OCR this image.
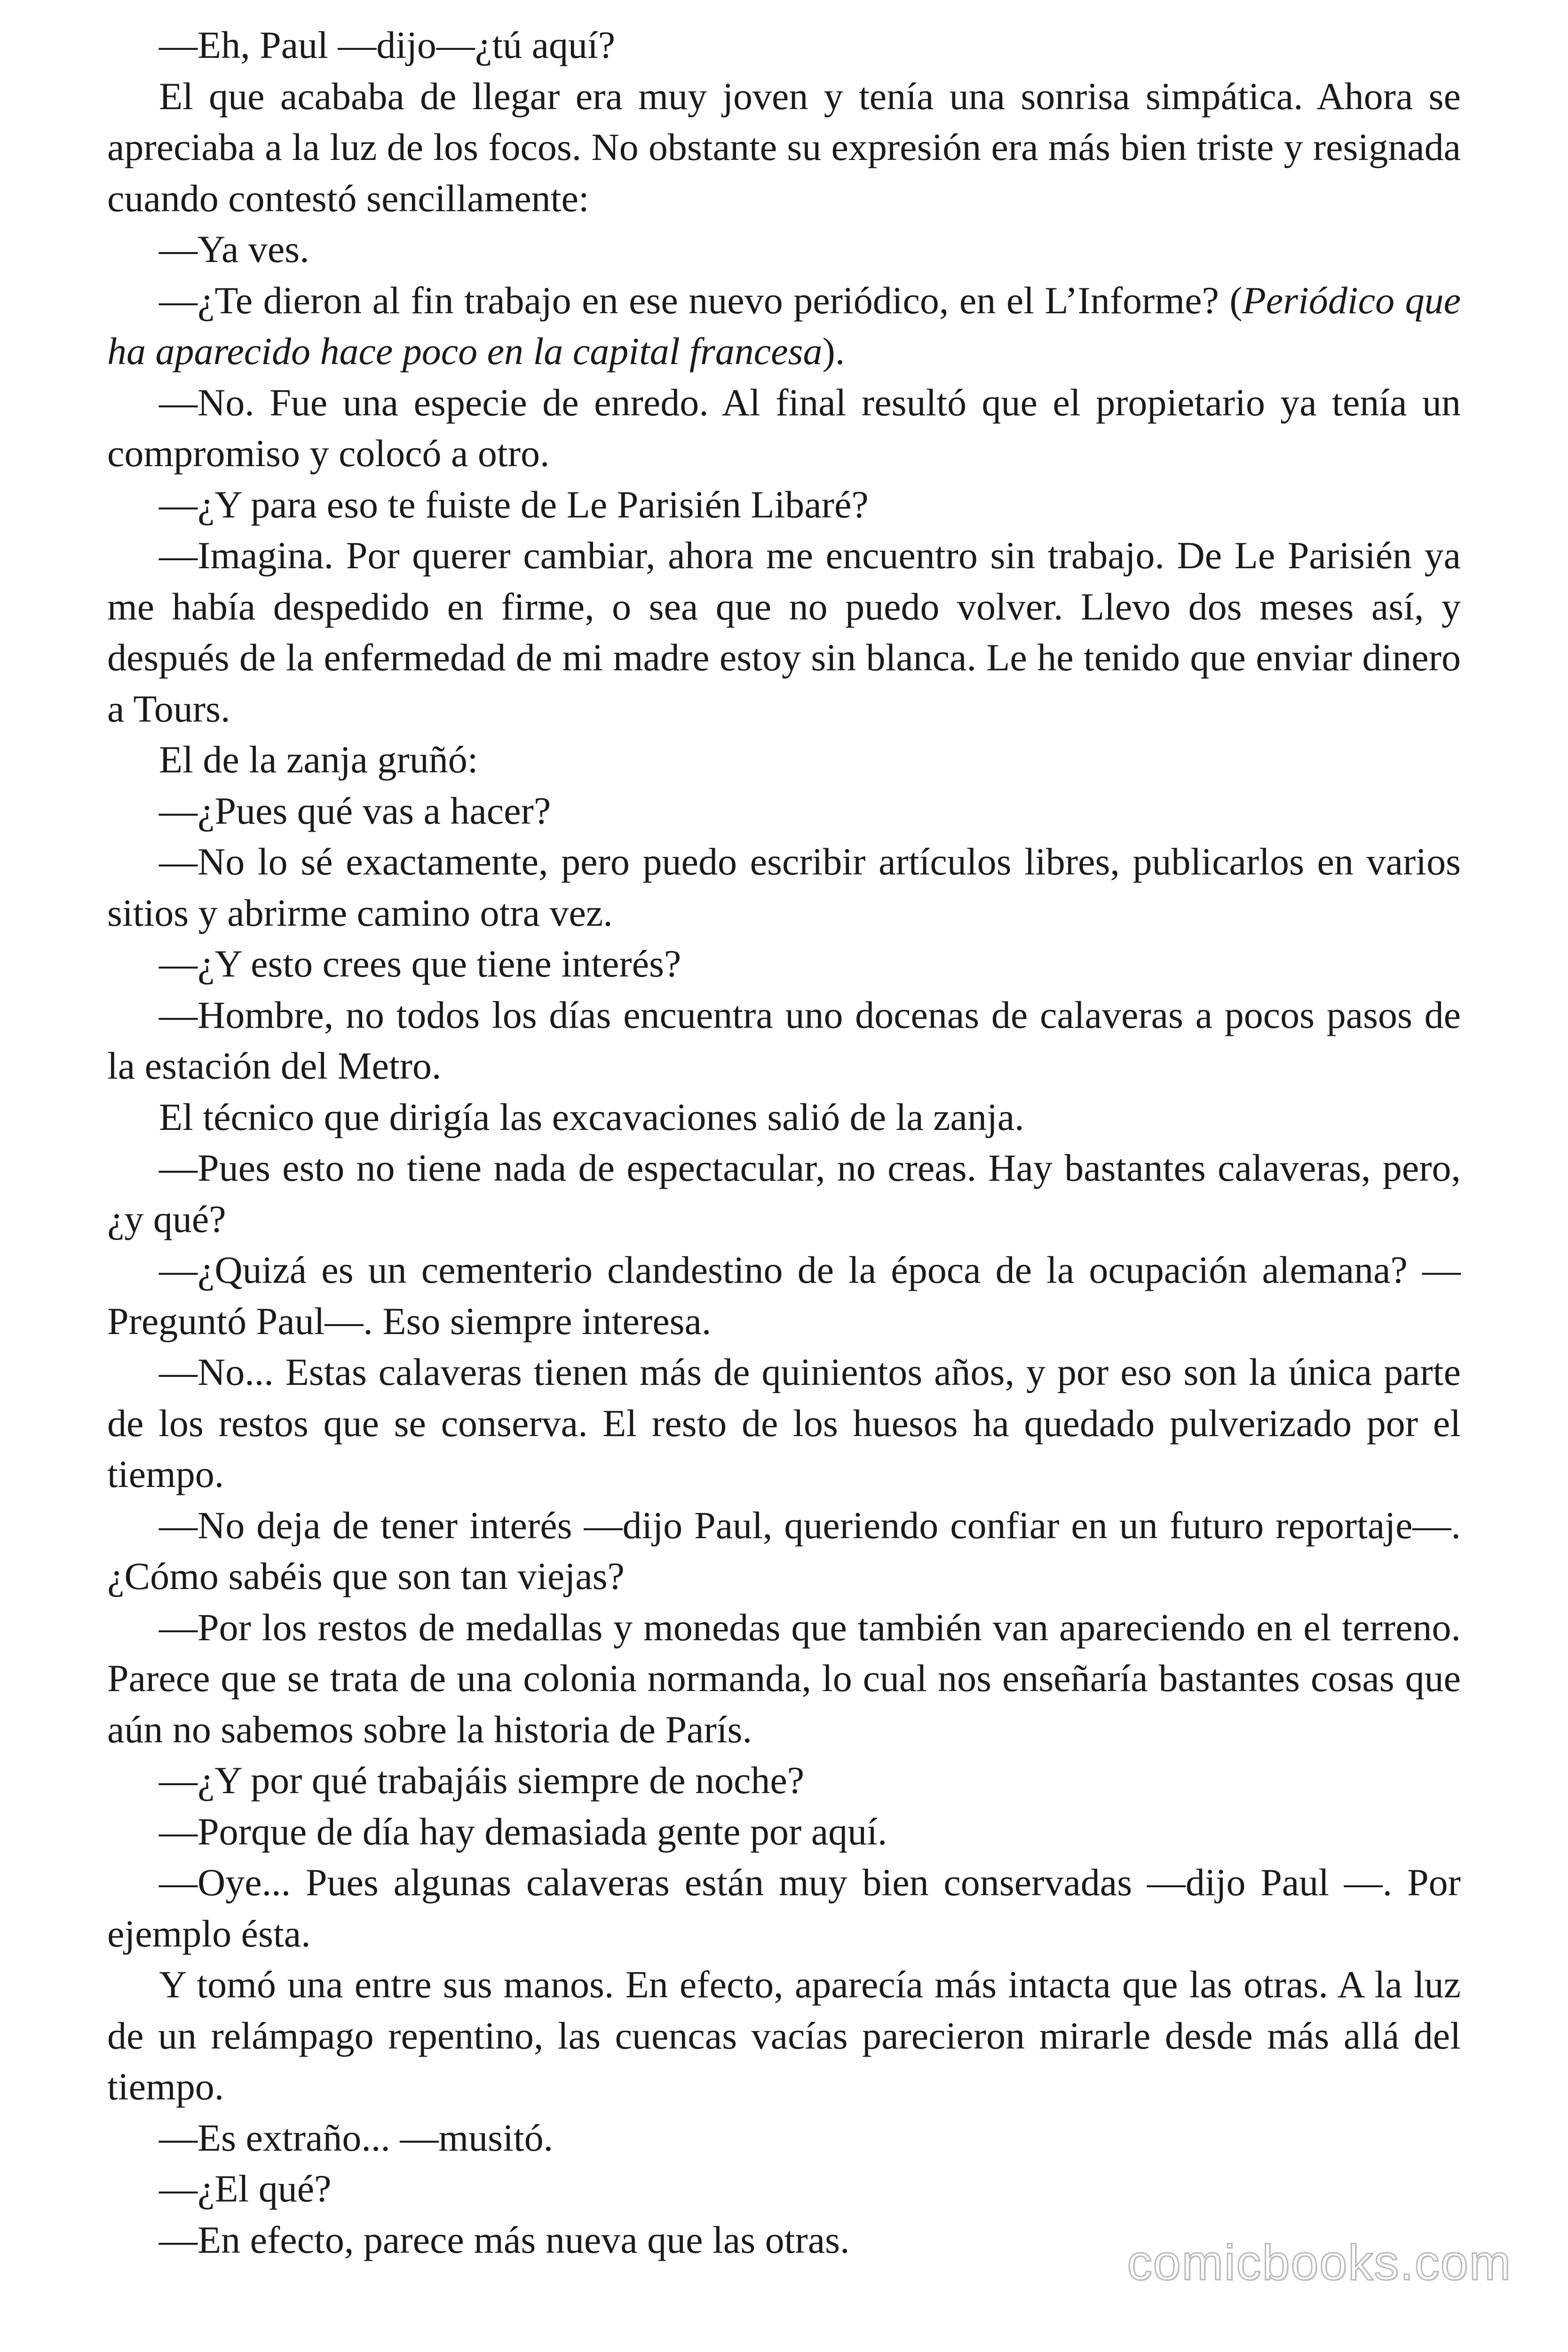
—Eh, Paul —dijo—¿tú aquí?

El que acababa de llegar era muy joven y tenía una sonrisa simpática. Ahora se apreciaba a la luz de los focos. No obstante su expresión era más bien triste y resignada cuando contestó sencillamente:

—Ya ves.

—¿Te dieron al fin trabajo en ese nuevo periódico, en el L’Informe? (Periódico que ha aparecido hace poco en la capital francesa).

—No. Fue una especie de enredo. Al final resultó que el propietario ya tenía un compromiso y colocó a otro.

—¿Y para eso te fuiste de Le Parisién Libaré?

—Imagina. Por querer cambiar, ahora me encuentro sin trabajo. De Le Parisién ya me había despedido en firme, o sea que no puedo volver. Llevo dos meses así, y después de la enfermedad de mi madre estoy sin blanca. Le he tenido que enviar dinero a Tours.

El de la zanja gruñó:

—¿Pues qué vas a hacer?

—No lo sé exactamente, pero puedo escribir artículos libres, publicarlos en varios sitios y abrirme camino otra vez.

—¿Y esto crees que tiene interés?

—Hombre, no todos los días encuentra uno docenas de calaveras a pocos pasos de la estación del Metro.

El técnico que dirigía las excavaciones salió de la zanja.

—Pues esto no tiene nada de espectacular, no creas. Hay bastantes calaveras, pero, ¿y qué?

—¿Quizá es un cementerio clandestino de la época de la ocupación alemana? —Preguntó Paul—. Eso siempre interesa.

—No... Estas calaveras tienen más de quinientos años, y por eso son la única parte de los restos que se conserva. El resto de los huesos ha quedado pulverizado por el tiempo.

—No deja de tener interés —dijo Paul, queriendo confiar en un futuro reportaje—. ¿Cómo sabéis que son tan viejas?

—Por los restos de medallas y monedas que también van apareciendo en el terreno. Parece que se trata de una colonia normanda, lo cual nos enseñaría bastantes cosas que aún no sabemos sobre la historia de París.

—¿Y por qué trabajáis siempre de noche?

—Porque de día hay demasiada gente por aquí.

—Oye... Pues algunas calaveras están muy bien conservadas —dijo Paul —. Por ejemplo ésta.

Y tomó una entre sus manos. En efecto, aparecía más intacta que las otras. A la luz de un relámpago repentino, las cuencas vacías parecieron mirarle desde más allá del tiempo.

—Es extraño... —musitó.

—¿El qué?

—En efecto, parece más nueva que las otras.	comicbooks.com
